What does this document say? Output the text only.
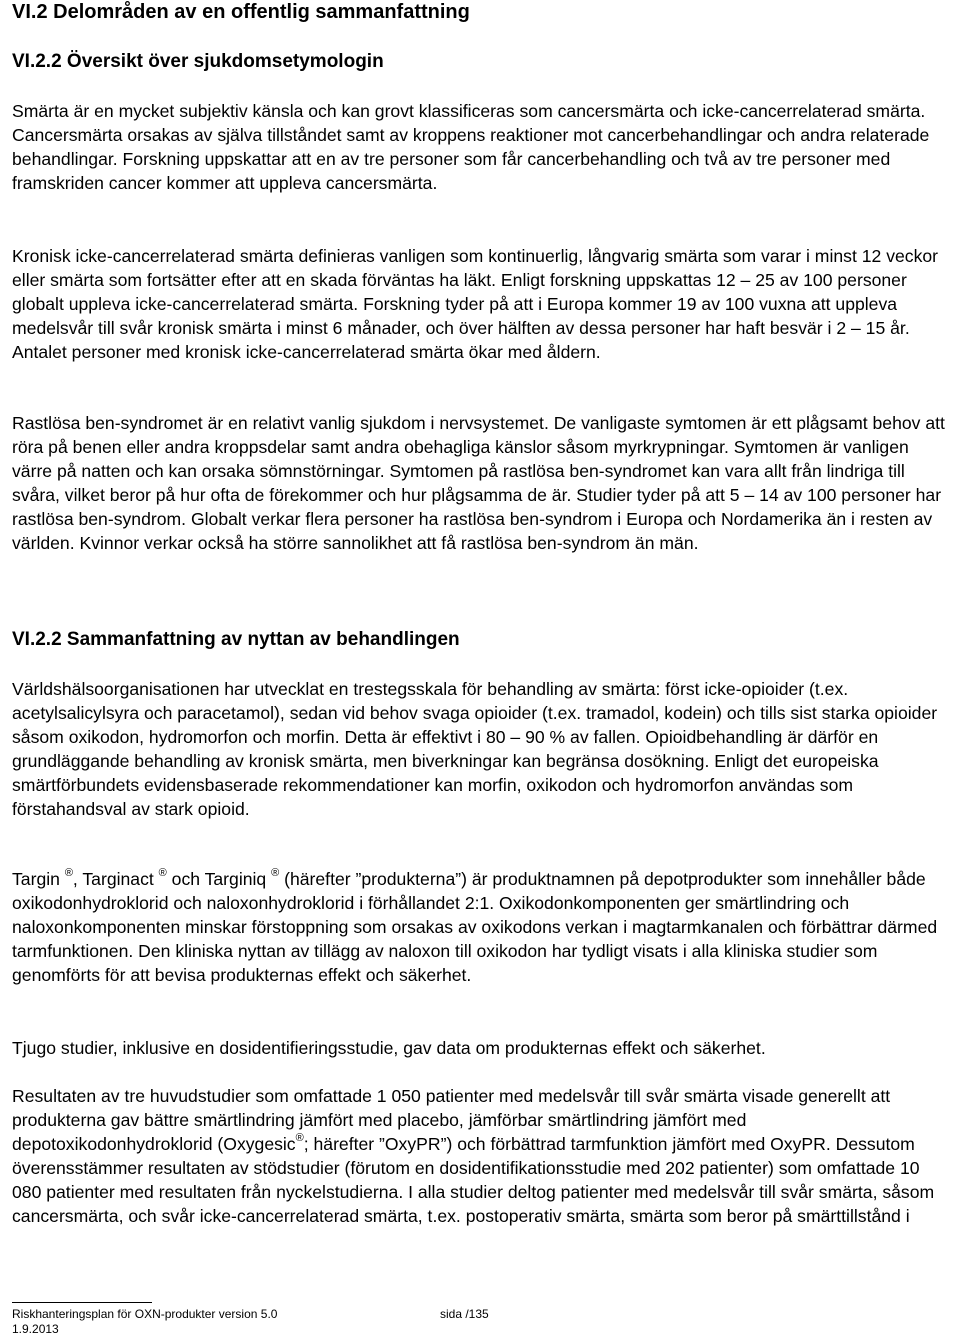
VI.2 Delområden av en offentlig sammanfattning
VI.2.2 Översikt över sjukdomsetymologin

Smärta är en mycket subjektiv känsla och kan grovt klassificeras som cancersmärta och icke-cancerrelaterad smärta. Cancersmärta orsakas av själva tillståndet samt av kroppens reaktioner mot cancerbehandlingar och andra relaterade behandlingar. Forskning uppskattar att en av tre personer som får cancerbehandling och två av tre personer med framskriden cancer kommer att uppleva cancersmärta.

Kronisk icke-cancerrelaterad smärta definieras vanligen som kontinuerlig, långvarig smärta som varar i minst 12 veckor eller smärta som fortsätter efter att en skada förväntas ha läkt. Enligt forskning uppskattas 12 – 25 av 100 personer globalt uppleva icke-cancerrelaterad smärta. Forskning tyder på att i Europa kommer 19 av 100 vuxna att uppleva medelsvår till svår kronisk smärta i minst 6 månader, och över hälften av dessa personer har haft besvär i 2 – 15 år. Antalet personer med kronisk icke-cancerrelaterad smärta ökar med åldern.

Rastlösa ben-syndromet är en relativt vanlig sjukdom i nervsystemet. De vanligaste symtomen är ett plågsamt behov att röra på benen eller andra kroppsdelar samt andra obehagliga känslor såsom myrkrypningar. Symtomen är vanligen värre på natten och kan orsaka sömnstörningar. Symtomen på rastlösa ben-syndromet kan vara allt från lindriga till svåra, vilket beror på hur ofta de förekommer och hur plågsamma de är. Studier tyder på att 5 – 14 av 100 personer har rastlösa ben-syndrom. Globalt verkar flera personer ha rastlösa ben-syndrom i Europa och Nordamerika än i resten av världen. Kvinnor verkar också ha större sannolikhet att få rastlösa ben-syndrom än män.

VI.2.2 Sammanfattning av nyttan av behandlingen

Världshälsoorganisationen har utvecklat en trestegsskala för behandling av smärta: först icke-opioider (t.ex. acetylsalicylsyra och paracetamol), sedan vid behov svaga opioider (t.ex. tramadol, kodein) och tills sist starka opioider såsom oxikodon, hydromorfon och morfin. Detta är effektivt i 80 – 90 % av fallen. Opioidbehandling är därför en grundläggande behandling av kronisk smärta, men biverkningar kan begränsa dosökning. Enligt det europeiska smärtförbundets evidensbaserade rekommendationer kan morfin, oxikodon och hydromorfon användas som förstahandsval av stark opioid.

Targin ®, Targinact ® och Targiniq ® (härefter ”produkterna”) är produktnamnen på depotprodukter som innehåller både oxikodonhydroklorid och naloxonhydroklorid i förhållandet 2:1. Oxikodonkomponenten ger smärtlindring och naloxonkomponenten minskar förstoppning som orsakas av oxikodons verkan i magtarmkanalen och förbättrar därmed tarmfunktionen. Den kliniska nyttan av tillägg av naloxon till oxikodon har tydligt visats i alla kliniska studier som genomförts för att bevisa produkternas effekt och säkerhet.

Tjugo studier, inklusive en dosidentifieringsstudie, gav data om produkternas effekt och säkerhet.

Resultaten av tre huvudstudier som omfattade 1 050 patienter med medelsvår till svår smärta visade generellt att produkterna gav bättre smärtlindring jämfört med placebo, jämförbar smärtlindring jämfört med depotoxikodonhydroklorid (Oxygesic®; härefter ”OxyPR”) och förbättrad tarmfunktion jämfört med OxyPR. Dessutom överensstämmer resultaten av stödstudier (förutom en dosidentifikationsstudie med 202 patienter) som omfattade 10 080 patienter med resultaten från nyckelstudierna. I alla studier deltog patienter med medelsvår till svår smärta, såsom cancersmärta, och svår icke-cancerrelaterad smärta, t.ex. postoperativ smärta, smärta som beror på smärttillstånd i

Riskhanteringsplan för OXN-produkter version 5.0
1.9.2013
sida /135
